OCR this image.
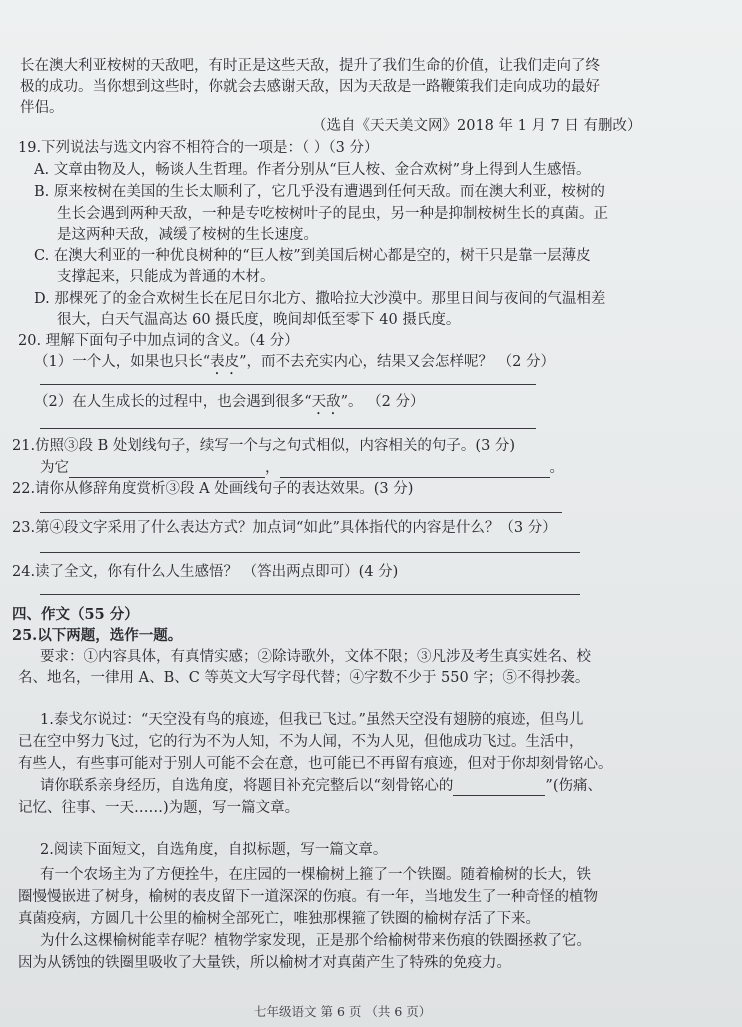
长在澳大利亚桉树的天敌吧，有时正是这些天敌，提升了我们生命的价值，让我们走向了终
极的成功。当你想到这些时，你就会去感谢天敌，因为天敌是一路鞭策我们走向成功的最好
伴侣。
（选自《天天美文网》2018 年 1 月 7 日 有删改）
19.下列说法与选文内容不相符合的一项是：（ ）（3 分）
A. 文章由物及人，畅谈人生哲理。作者分别从“巨人桉、金合欢树”身上得到人生感悟。
B. 原来桉树在美国的生长太顺利了，它几乎没有遭遇到任何天敌。而在澳大利亚，桉树的
生长会遇到两种天敌，一种是专吃桉树叶子的昆虫，另一种是抑制桉树生长的真菌。正
是这两种天敌，减缓了桉树的生长速度。
C. 在澳大利亚的一种优良树种的“巨人桉”到美国后树心都是空的，树干只是靠一层薄皮
支撑起来，只能成为普通的木材。
D. 那棵死了的金合欢树生长在尼日尔北方、撒哈拉大沙漠中。那里日间与夜间的气温相差
很大，白天气温高达 60 摄氏度，晚间却低至零下 40 摄氏度。
20. 理解下面句子中加点词的含义。（4 分）
（1）一个人，如果也只长“表皮”，而不去充实内心，结果又会怎样呢？ （2 分）
（2）在人生成长的过程中，也会遇到很多“天敌”。 （2 分）
21.仿照③段 B 处划线句子，续写一个与之句式相似，内容相关的句子。(3 分)
为它	，	。
22.请你从修辞角度赏析③段 A 处画线句子的表达效果。(3 分)
23.第④段文字采用了什么表达方式？加点词“如此”具体指代的内容是什么？（3 分）
24.读了全文，你有什么人生感悟？ （答出两点即可）(4 分)
四、作文（55 分）
25.以下两题，选作一题。
要求：①内容具体，有真情实感；②除诗歌外，文体不限；③凡涉及考生真实姓名、校
名、地名，一律用 A、B、C 等英文大写字母代替；④字数不少于 550 字；⑤不得抄袭。
1.泰戈尔说过：“天空没有鸟的痕迹，但我已飞过。”虽然天空没有翅膀的痕迹，但鸟儿
已在空中努力飞过，它的行为不为人知，不为人闻，不为人见，但他成功飞过。生活中，
有些人，有些事可能对于别人可能不会在意，也可能已不再留有痕迹，但对于你却刻骨铭心。
请你联系亲身经历，自选角度，将题目补充完整后以“刻骨铭心的	”(伤痛、
记忆、往事、一天……)为题，写一篇文章。
2.阅读下面短文，自选角度，自拟标题，写一篇文章。
有一个农场主为了方便拴牛，在庄园的一棵榆树上箍了一个铁圈。随着榆树的长大，铁
圈慢慢嵌进了树身，榆树的表皮留下一道深深的伤痕。有一年，当地发生了一种奇怪的植物
真菌疫病，方圆几十公里的榆树全部死亡，唯独那棵箍了铁圈的榆树存活了下来。
为什么这棵榆树能幸存呢？植物学家发现，正是那个给榆树带来伤痕的铁圈拯救了它。
因为从锈蚀的铁圈里吸收了大量铁，所以榆树才对真菌产生了特殊的免疫力。
七年级语文 第 6 页 （共 6 页）
